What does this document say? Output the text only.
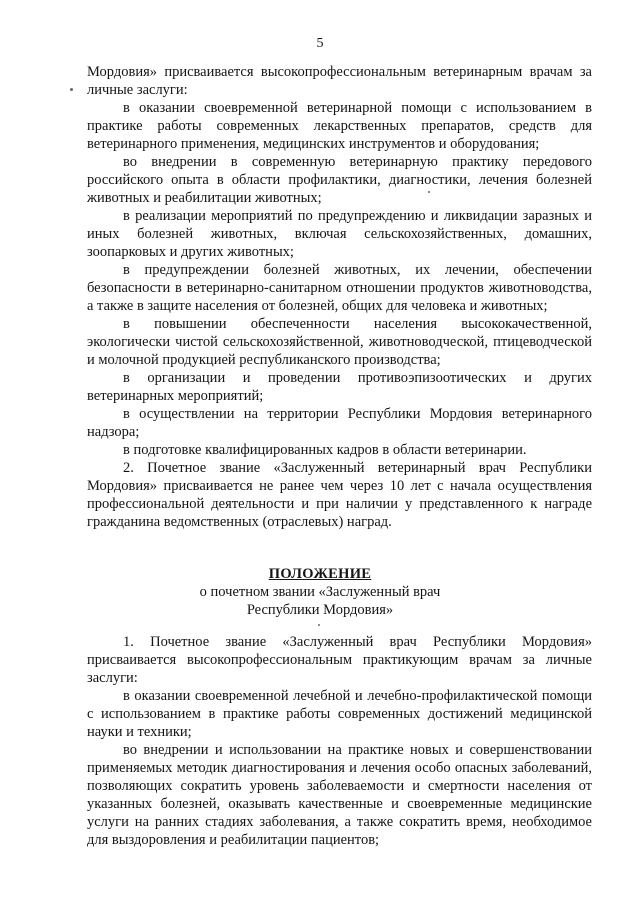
5

Мордовия» присваивается высокопрофессиональным ветеринарным врачам за личные заслуги:

в оказании своевременной ветеринарной помощи с использованием в практике работы современных лекарственных препаратов, средств для ветеринарного применения, медицинских инструментов и оборудования;

во внедрении в современную ветеринарную практику передового российского опыта в области профилактики, диагностики, лечения болезней животных и реабилитации животных;

в реализации мероприятий по предупреждению и ликвидации заразных и иных болезней животных, включая сельскохозяйственных, домашних, зоопарковых и других животных;

в предупреждении болезней животных, их лечении, обеспечении безопасности в ветеринарно-санитарном отношении продуктов животноводства, а также в защите населения от болезней, общих для человека и животных;

в повышении обеспеченности населения высококачественной, экологически чистой сельскохозяйственной, животноводческой, птицеводческой и молочной продукцией республиканского производства;

в организации и проведении противоэпизоотических и других ветеринарных мероприятий;

в осуществлении на территории Республики Мордовия ветеринарного надзора;

в подготовке квалифицированных кадров в области ветеринарии.

2. Почетное звание «Заслуженный ветеринарный врач Республики Мордовия» присваивается не ранее чем через 10 лет с начала осуществления профессиональной деятельности и при наличии у представленного к награде гражданина ведомственных (отраслевых) наград.

ПОЛОЖЕНИЕ
о почетном звании «Заслуженный врач
Республики Мордовия»

1. Почетное звание «Заслуженный врач Республики Мордовия» присваивается высокопрофессиональным практикующим врачам за личные заслуги:

в оказании своевременной лечебной и лечебно-профилактической помощи с использованием в практике работы современных достижений медицинской науки и техники;

во внедрении и использовании на практике новых и совершенствовании применяемых методик диагностирования и лечения особо опасных заболеваний, позволяющих сократить уровень заболеваемости и смертности населения от указанных болезней, оказывать качественные и своевременные медицинские услуги на ранних стадиях заболевания, а также сократить время, необходимое для выздоровления и реабилитации пациентов;
